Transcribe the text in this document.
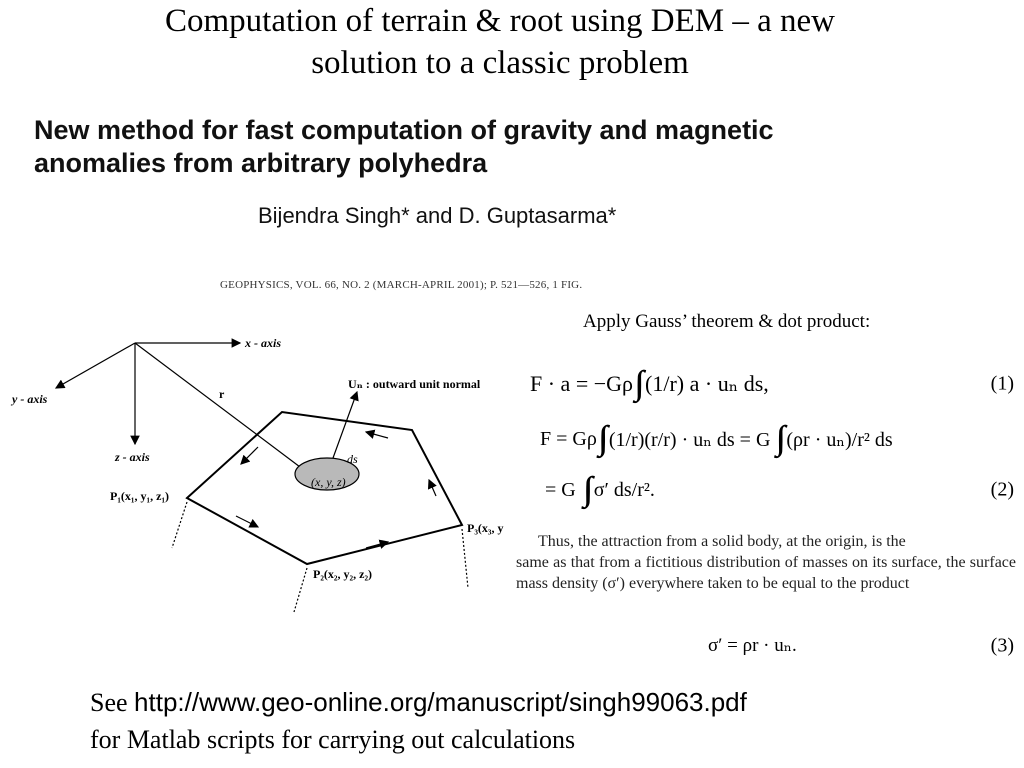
Computation of terrain & root using DEM – a new
solution to a classic problem
New method for fast computation of gravity and magnetic
anomalies from arbitrary polyhedra
Bijendra Singh* and D. Guptasarma*
GEOPHYSICS, VOL. 66, NO. 2 (MARCH-APRIL 2001); P. 521—526, 1 FIG.
x - axis
y - axis
z - axis
r
Uₙ : outward unit normal
ds
(x, y, z)
P₁(x₁, y₁, z₁)
P₂(x₂, y₂, z₂)
P₃(x₃, y
Apply Gauss’ theorem & dot product:
F · a = −Gρ (1/r) a · uₙ ds,	(1)
F = Gρ (1/r)(r/r) · uₙ ds = G (ρr · uₙ)/r² ds
= G σ′ ds/r².	(2)
Thus, the attraction from a solid body, at the origin, is the
same as that from a fictitious distribution of masses on its surface, the surface mass density (σ′) everywhere taken to be equal to the product
σ′ = ρr · uₙ.	(3)
See http://www.geo-online.org/manuscript/singh99063.pdf
for Matlab scripts for carrying out calculations
